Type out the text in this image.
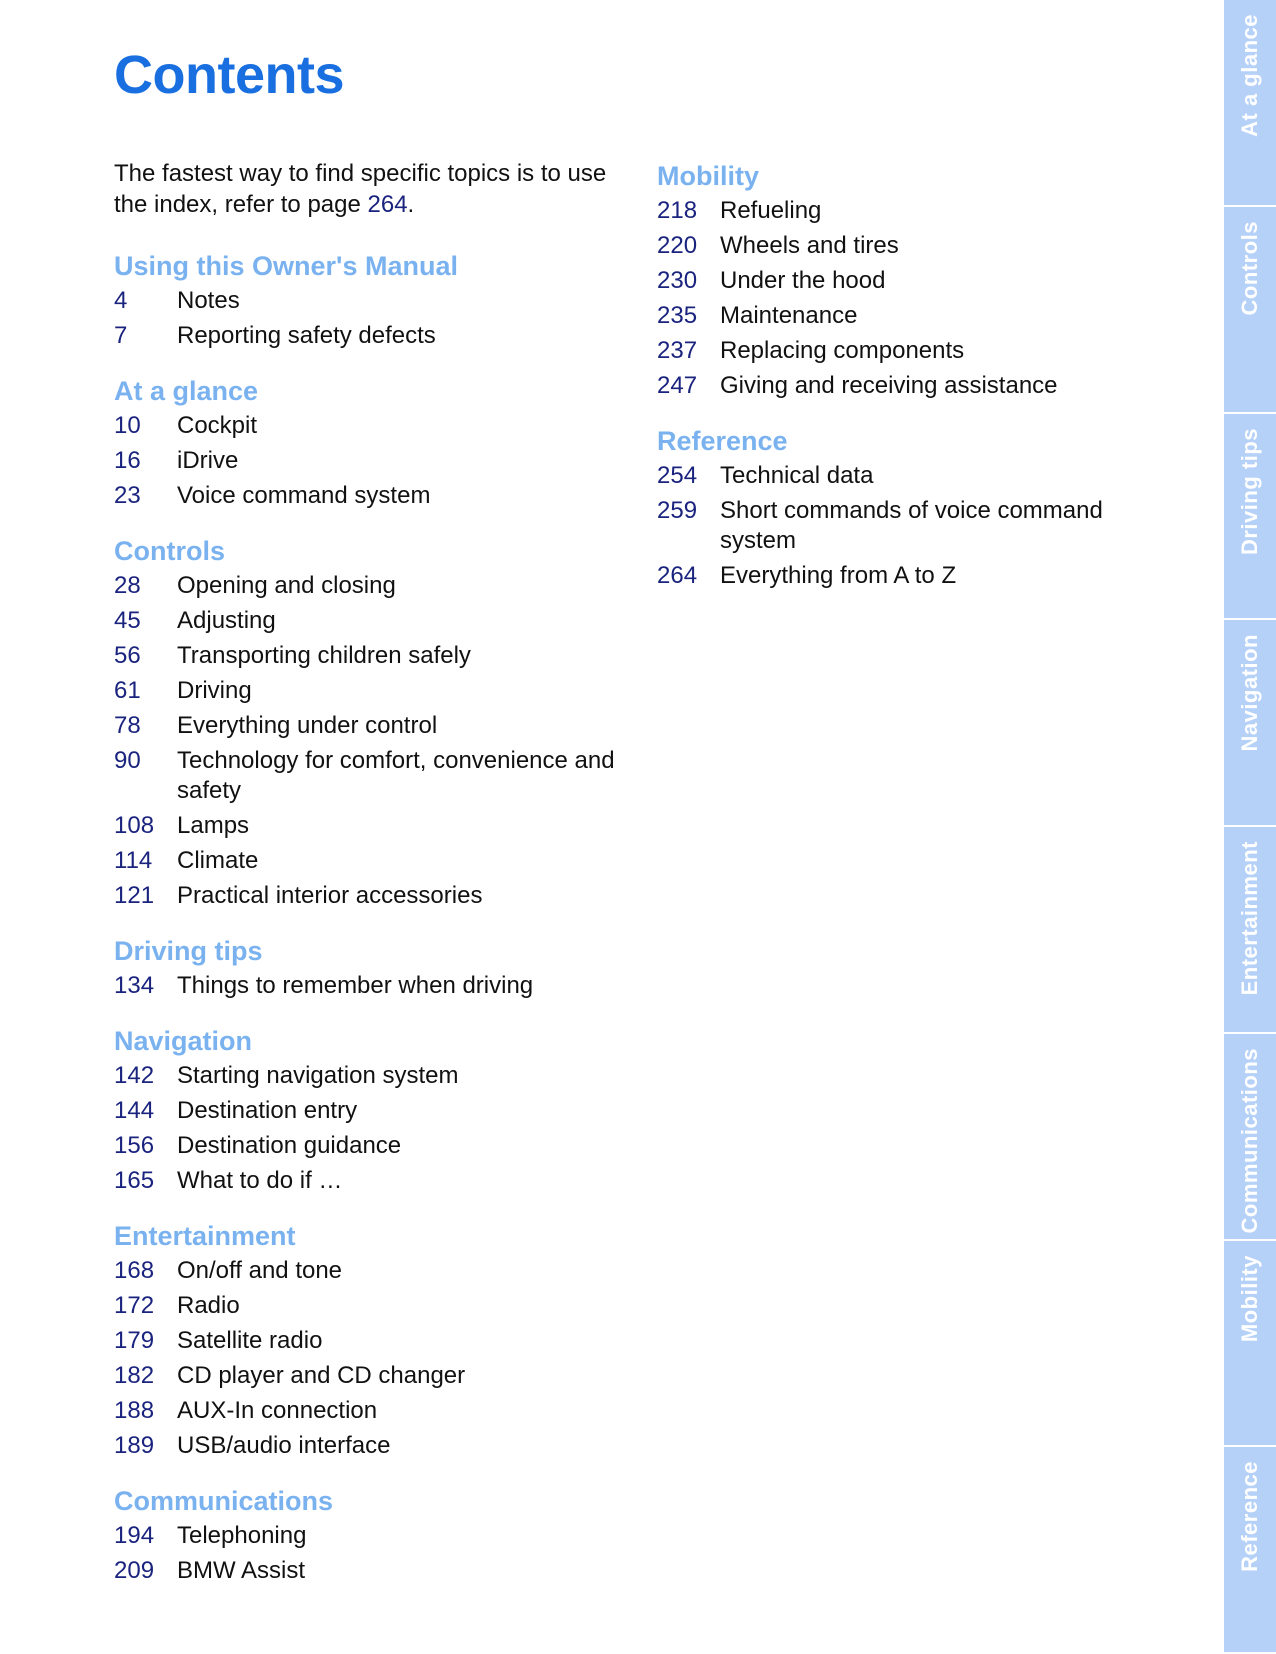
Contents

The fastest way to find specific topics is to use the index, refer to page 264.

Using this Owner's Manual
4	Notes
7	Reporting safety defects
At a glance
10	Cockpit
16	iDrive
23	Voice command system
Controls
28	Opening and closing
45	Adjusting
56	Transporting children safely
61	Driving
78	Everything under control
90	Technology for comfort, convenience and safety
108 Lamps
114	Climate
121 Practical interior accessories
Driving tips
134 Things to remember when driving
Navigation
142 Starting navigation system
144 Destination entry
156 Destination guidance
165 What to do if …
Entertainment
168 On/off and tone
172 Radio
179 Satellite radio
182 CD player and CD changer
188 AUX-In connection
189 USB/audio interface
Communications
194 Telephoning
209 BMW Assist
Mobility
218 Refueling
220 Wheels and tires
230 Under the hood
235 Maintenance
237 Replacing components
247 Giving and receiving assistance
Reference
254 Technical data
259 Short commands of voice command system
264 Everything from A to Z
At a glance
Controls
Driving tips
Navigation
Entertainment
Communications
Mobility
Reference
